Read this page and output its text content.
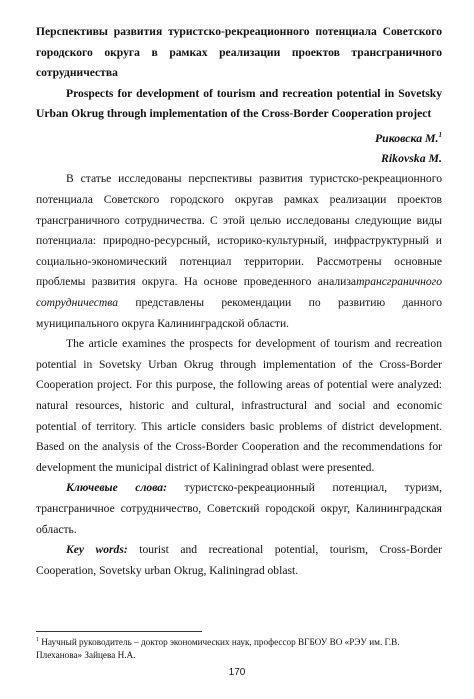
Перспективы развития туристско-рекреационного потенциала Советского городского округа в рамках реализации проектов трансграничного сотрудничества

Prospects for development of tourism and recreation potential in Sovetsky Urban Okrug through implementation of the Cross-Border Cooperation project

Риковска М.$^1$

Rikovska M.

В статье исследованы перспективы развития туристско-рекреационного потенциала Советского городского округав рамках реализации проектов трансграничного сотрудничества. С этой целью исследованы следующие виды потенциала: природно-ресурсный, историко-культурный, инфраструктурный и социально-экономический потенциал территории. Рассмотрены основные проблемы развития округа. На основе проведенного анализатрансграничного сотрудничества представлены рекомендации по развитию данного муниципального округа Калининградской области.

The article examines the prospects for development of tourism and recreation potential in Sovetsky Urban Okrug through implementation of the Cross-Border Cooperation project. For this purpose, the following areas of potential were analyzed: natural resources, historic and cultural, infrastructural and social and economic potential of territory. This article considers basic problems of district development. Based on the analysis of the Cross-Border Cooperation and the recommendations for development the municipal district of Kaliningrad oblast were presented.

Ключевые слова: туристско-рекреационный потенциал, туризм, трансграничное сотрудничество, Советский городской округ, Калининградская область.

Key words: tourist and recreational potential, tourism, Cross-Border Cooperation, Sovetsky urban Okrug, Kaliningrad oblast.

$^1$ Научный руководитель – доктор экономических наук, профессор ВГБОУ ВО «РЭУ им. Г.В. Плеханова» Зайцева Н.А.
170
